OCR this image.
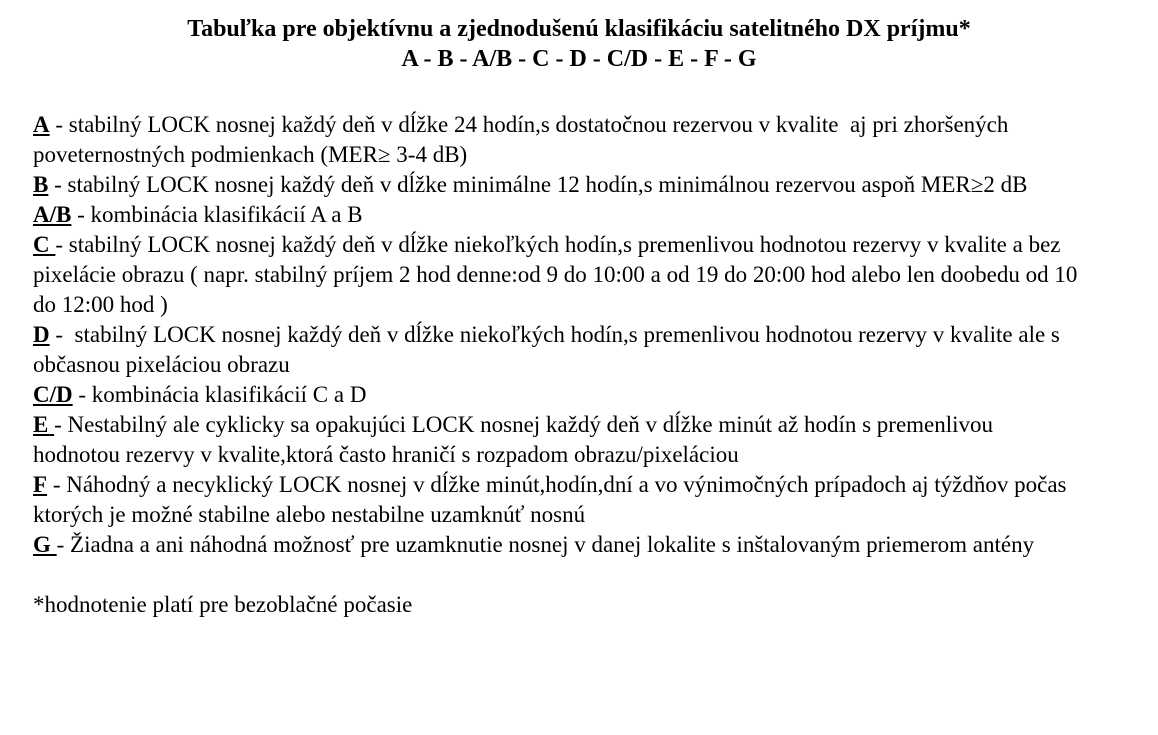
Tabuľka pre objektívnu a zjednodušenú klasifikáciu satelitného DX príjmu*
A - B - A/B - C - D - C/D - E - F - G

A - stabilný LOCK nosnej každý deň v dĺžke 24 hodín,s dostatočnou rezervou v kvalite  aj pri zhoršených poveternostných podmienkach (MER≥ 3-4 dB)

B - stabilný LOCK nosnej každý deň v dĺžke minimálne 12 hodín,s minimálnou rezervou aspoň MER≥2 dB

A/B - kombinácia klasifikácií A a B

C - stabilný LOCK nosnej každý deň v dĺžke niekoľkých hodín,s premenlivou hodnotou rezervy v kvalite a bez pixelácie obrazu ( napr. stabilný príjem 2 hod denne:od 9 do 10:00 a od 19 do 20:00 hod alebo len doobedu od 10 do 12:00 hod )

D -  stabilný LOCK nosnej každý deň v dĺžke niekoľkých hodín,s premenlivou hodnotou rezervy v kvalite ale s občasnou pixeláciou obrazu

C/D - kombinácia klasifikácií C a D

E - Nestabilný ale cyklicky sa opakujúci LOCK nosnej každý deň v dĺžke minút až hodín s premenlivou hodnotou rezervy v kvalite,ktorá často hraničí s rozpadom obrazu/pixeláciou

F - Náhodný a necyklický LOCK nosnej v dĺžke minút,hodín,dní a vo výnimočných prípadoch aj týždňov počas ktorých je možné stabilne alebo nestabilne uzamknúť nosnú

G - Žiadna a ani náhodná možnosť pre uzamknutie nosnej v danej lokalite s inštalovaným priemerom antény

*hodnotenie platí pre bezoblačné počasie
